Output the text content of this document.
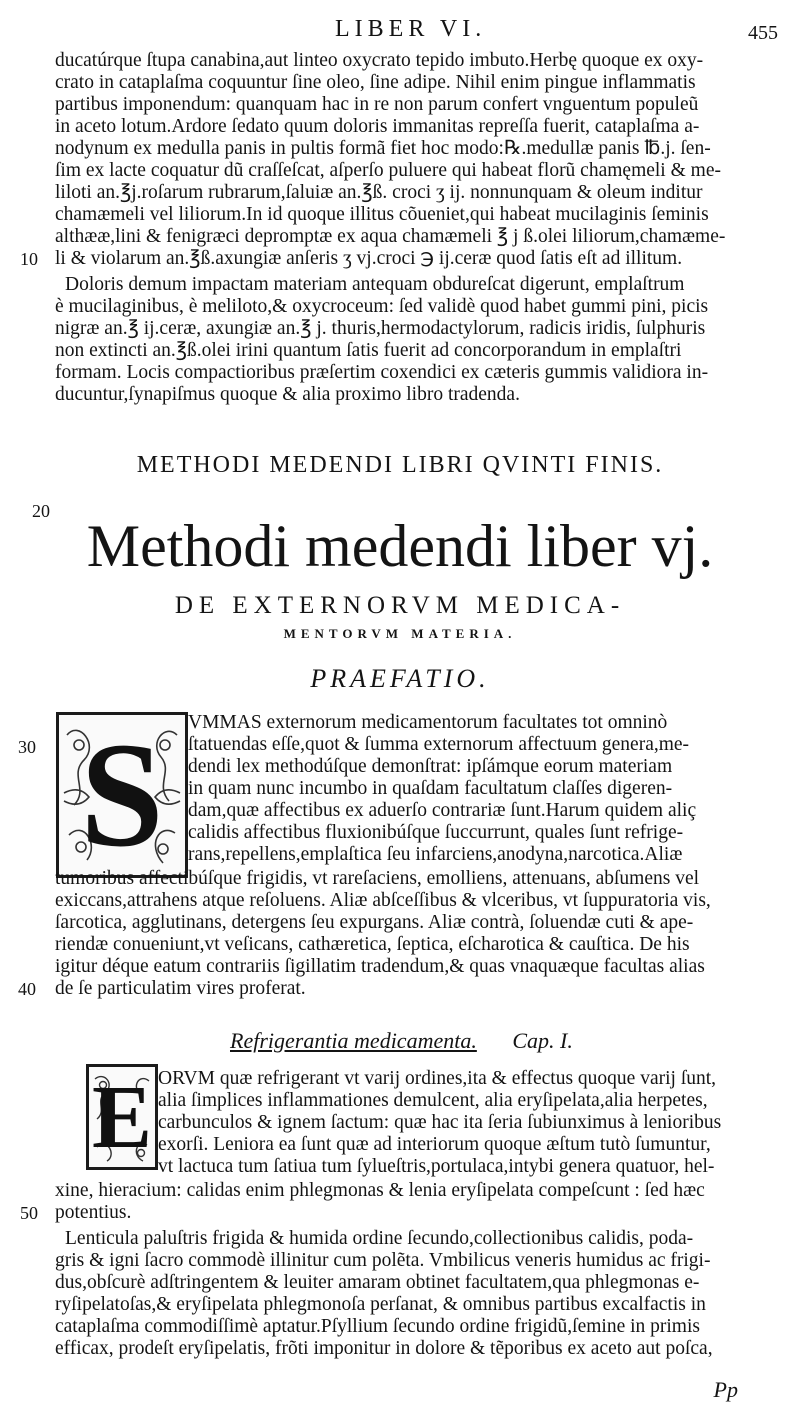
LIBER VI.	455
ducatúrque ſtupa canabina,aut linteo oxycrato tepido imbuto.Herbę quoque ex oxy-
crato in cataplaſma coquuntur ſine oleo, ſine adipe. Nihil enim pingue inflammatis
partibus imponendum: quanquam hac in re non parum confert vnguentum populeũ
in aceto lotum.Ardore ſedato quum doloris immanitas repreſſa fuerit, cataplaſma a-
nodynum ex medulla panis in pultis formã fiet hoc modo:℞.medullæ panis ℔.j. ſen-
ſim ex lacte coquatur dũ craſſeſcat, aſperſo puluere qui habeat florũ chamęmeli & me-
liloti an.℥j.roſarum rubrarum,ſaluiæ an.℥ß. croci ʒ ij. nonnunquam & oleum inditur
chamæmeli vel liliorum.In id quoque illitus cõueniet,qui habeat mucilaginis ſeminis
althææ,lini & fenigræci depromptæ ex aqua chamæmeli ℥ j ß.olei liliorum,chamæme-
li & violarum an.℥ß.axungiæ anſeris ʒ vj.croci ℈ ij.ceræ quod ſatis eſt ad illitum.
10
Doloris demum impactam materiam antequam obdureſcat digerunt, emplaſtrum
è mucilaginibus, è meliloto,& oxycroceum: ſed validè quod habet gummi pini, picis
nigræ an.℥ ij.ceræ, axungiæ an.℥ j. thuris,hermodactylorum, radicis iridis, ſulphuris
non extincti an.℥ß.olei irini quantum ſatis fuerit ad concorporandum in emplaſtri
formam. Locis compactioribus præſertim coxendici ex cæteris gummis validiora in-
ducuntur,ſynapiſmus quoque & alia proximo libro tradenda.
METHODI MEDENDI LIBRI QVINTI FINIS.
20
Methodi medendi liber vj.
DE EXTERNORVM MEDICA-
MENTORVM MATERIA.
PRAEFATIO.
S	VMMAS externorum medicamentorum facultates tot omninò
ſtatuendas eſſe,quot & ſumma externorum affectuum genera,me-
dendi lex methodúſque demonſtrat: ipſámque eorum materiam
in quam nunc incumbo in quaſdam facultatum claſſes digeren-
dam,quæ affectibus ex aduerſo contrariæ ſunt.Harum quidem aliç
calidis affectibus fluxionibúſque ſuccurrunt, quales ſunt refrige-
rans,repellens,emplaſtica ſeu infarciens,anodyna,narcotica.Aliæ
30
tumoribus affectibúſque frigidis, vt rareſaciens, emolliens, attenuans, abſumens vel
exiccans,attrahens atque reſoluens. Aliæ abſceſſibus & vlceribus, vt ſuppuratoria vis,
ſarcotica, agglutinans, detergens ſeu expurgans. Aliæ contrà, ſoluendæ cuti & ape-
riendæ conueniunt,vt veſicans, cathæretica, ſeptica, eſcharotica & cauſtica. De his
igitur déque eatum contrariis ſigillatim tradendum,& quas vnaquæque facultas alias
de ſe particulatim vires proferat.
40
Refrigerantia medicamenta. Cap. I.
E ORVM quæ refrigerant vt varij ordines,ita & effectus quoque varij ſunt,
alia ſimplices inflammationes demulcent, alia eryſipelata,alia herpetes,
carbunculos & ignem ſactum: quæ hac ita ſeria ſubiunximus à lenioribus
exorſi. Leniora ea ſunt quæ ad interiorum quoque æſtum tutò ſumuntur,
vt lactuca tum ſatiua tum ſylueſtris,portulaca,intybi genera quatuor, hel-
xine, hieracium: calidas enim phlegmonas & lenia eryſipelata compeſcunt : ſed hæc
potentius.
50
Lenticula paluſtris frigida & humida ordine ſecundo,collectionibus calidis, poda-
gris & igni ſacro commodè illinitur cum polẽta. Vmbilicus veneris humidus ac frigi-
dus,obſcurè adſtringentem & leuiter amaram obtinet facultatem,qua phlegmonas e-
ryſipelatoſas,& eryſipelata phlegmonoſa perſanat, & omnibus partibus excalfactis in
cataplaſma commodiſſimè aptatur.Pſyllium ſecundo ordine frigidũ,ſemine in primis
efficax, prodeſt eryſipelatis, frõti imponitur in dolore & tẽporibus ex aceto aut poſca,
Pp
